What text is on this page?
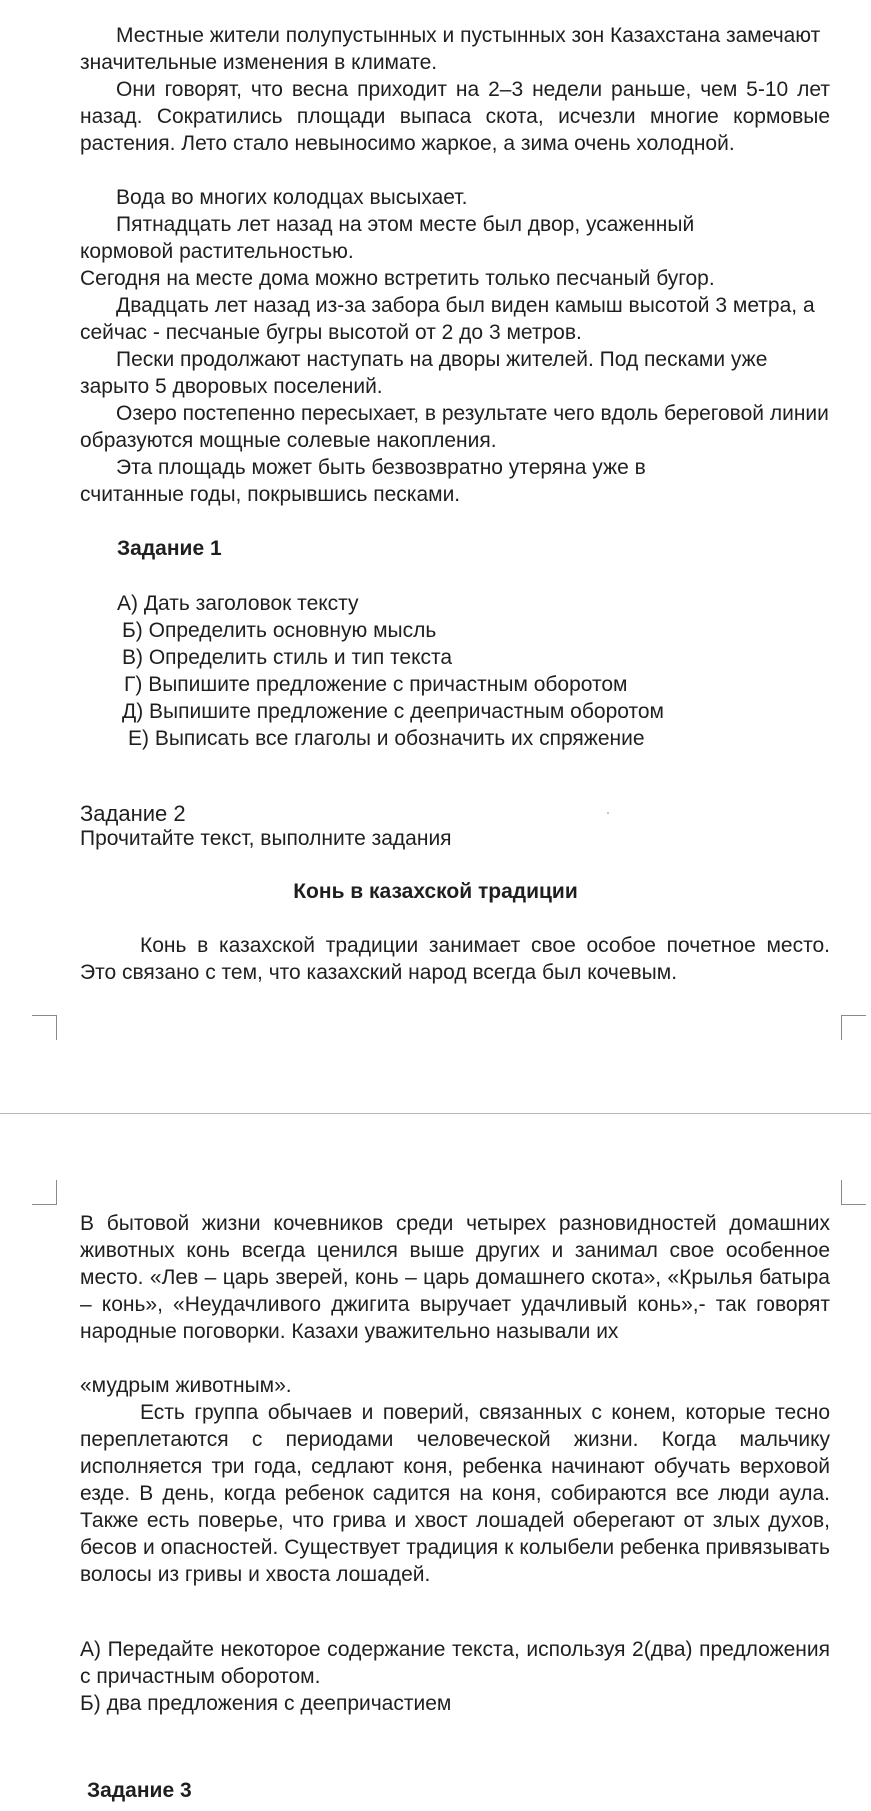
Местные жители полупустынных и пустынных зон Казахстана замечают значительные изменения в климате.

Они говорят, что весна приходит на 2–3 недели раньше, чем 5-10 лет назад. Сократились площади выпаса скота, исчезли многие кормовые растения. Лето стало невыносимо жаркое, а зима очень холодной.

Вода во многих колодцах высыхает.

Пятнадцать лет назад на этом месте был двор, усаженный кормовой растительностью.

Сегодня на месте дома можно встретить только песчаный бугор.

Двадцать лет назад из-за забора был виден камыш высотой 3 метра, а сейчас - песчаные бугры высотой от 2 до 3 метров.

Пески продолжают наступать на дворы жителей. Под песками уже зарыто 5 дворовых поселений.

Озеро постепенно пересыхает, в результате чего вдоль береговой линии образуются мощные солевые накопления.

Эта площадь может быть безвозвратно утеряна уже в считанные годы, покрывшись песками.

Задание 1
А) Дать заголовок тексту
Б) Определить основную мысль
В) Определить стиль и тип текста
Г) Выпишите предложение с причастным оборотом
Д) Выпишите предложение с деепричастным оборотом
Е) Выписать все глаголы и обозначить их спряжение
Задание 2
Прочитайте текст, выполните задания
Конь в казахской традиции

Конь в казахской традиции занимает свое особое почетное место. Это связано с тем, что казахский народ всегда был кочевым.

В бытовой жизни кочевников среди четырех разновидностей домашних животных конь всегда ценился выше других и занимал свое особенное место. «Лев – царь зверей, конь – царь домашнего скота», «Крылья батыра – конь», «Неудачливого джигита выручает удачливый конь»,- так говорят народные поговорки. Казахи уважительно называли их

«мудрым животным».

Есть группа обычаев и поверий, связанных с конем, которые тесно переплетаются с периодами человеческой жизни. Когда мальчику исполняется три года, седлают коня, ребенка начинают обучать верховой езде. В день, когда ребенок садится на коня, собираются все люди аула. Также есть поверье, что грива и хвост лошадей оберегают от злых духов, бесов и опасностей. Существует традиция к колыбели ребенка привязывать волосы из гривы и хвоста лошадей.

А) Передайте некоторое содержание текста, используя 2(два) предложения с причастным оборотом.

Б) два предложения с деепричастием

Задание 3
